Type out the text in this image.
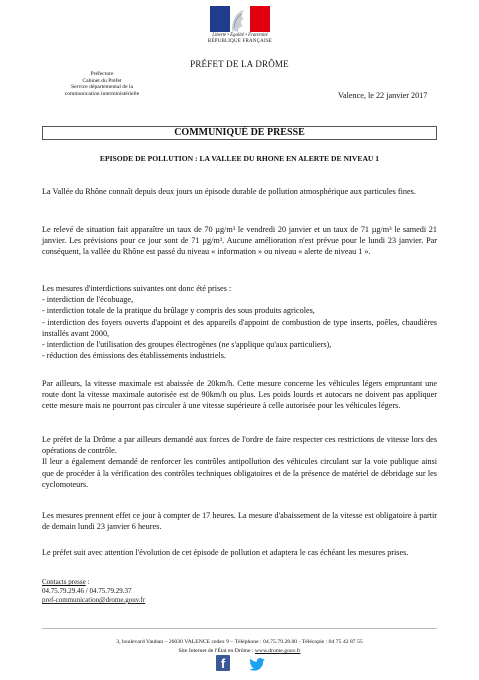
Liberté • Égalité • Fraternité
RÉPUBLIQUE FRANÇAISE
PRÉFET DE LA DRÔME
Préfecture
Cabinet du Préfet
Service départemental de la
communication interministérielle	Valence, le 22 janvier 2017
COMMUNIQUÉ DE PRESSE
EPISODE DE POLLUTION : LA VALLEE DU RHONE EN ALERTE DE NIVEAU 1
La Vallée du Rhône connaît depuis deux jours un épisode durable de pollution atmosphérique aux particules fines.
Le relevé de situation fait apparaître un taux de 70 µg/m³ le vendredi 20 janvier et un taux de 71 µg/m³ le samedi 21 janvier. Les prévisions pour ce jour sont de 71 µg/m³. Aucune amélioration n'est prévue pour le lundi 23 janvier. Par conséquent, la vallée du Rhône est passé du niveau « information » ou niveau « alerte de niveau 1 ».
Les mesures d'interdictions suivantes ont donc été prises :
- interdiction de l'écobuage,
- interdiction totale de la pratique du brûlage y compris des sous produits agricoles,
- interdiction des foyers ouverts d'appoint et des appareils d'appoint de combustion de type inserts, poêles, chaudières installés avant 2000,
- interdiction de l'utilisation des groupes électrogènes (ne s'applique qu'aux particuliers),
- réduction des émissions des établissements industriels.
Par ailleurs, la vitesse maximale est abaissée de 20km/h. Cette mesure concerne les véhicules légers empruntant une route dont la vitesse maximale autorisée est de 90km/h ou plus. Les poids lourds et autocars ne doivent pas appliquer cette mesure mais ne pourront pas circuler à une vitesse supérieure à celle autorisée pour les véhicules légers.
Le préfet de la Drôme a par ailleurs demandé aux forces de l'ordre de faire respecter ces restrictions de vitesse lors des opérations de contrôle.
Il leur a également demandé de renforcer les contrôles antipollution des véhicules circulant sur la voie publique ainsi que de procéder à la vérification des contrôles techniques obligatoires et de la présence de matériel de débridage sur les cyclomoteurs.
Les mesures prennent effet ce jour à compter de 17 heures. La mesure d'abaissement de la vitesse est obligatoire à partir de demain lundi 23 janvier 6 heures.
Le préfet suit avec attention l'évolution de cet épisode de pollution et adaptera le cas échéant les mesures prises.
Contacts presse :
04.75.79.29.46 / 04.75.79.29.37
pref-communication@drome.gouv.fr
3, boulevard Vauban – 26030 VALENCE cedex 9 – Téléphone : 04.75.79.28.00 - Télécopie : 04 75 42 87 55
Site Internet de l'État en Drôme : www.drome.gouv.fr
f
